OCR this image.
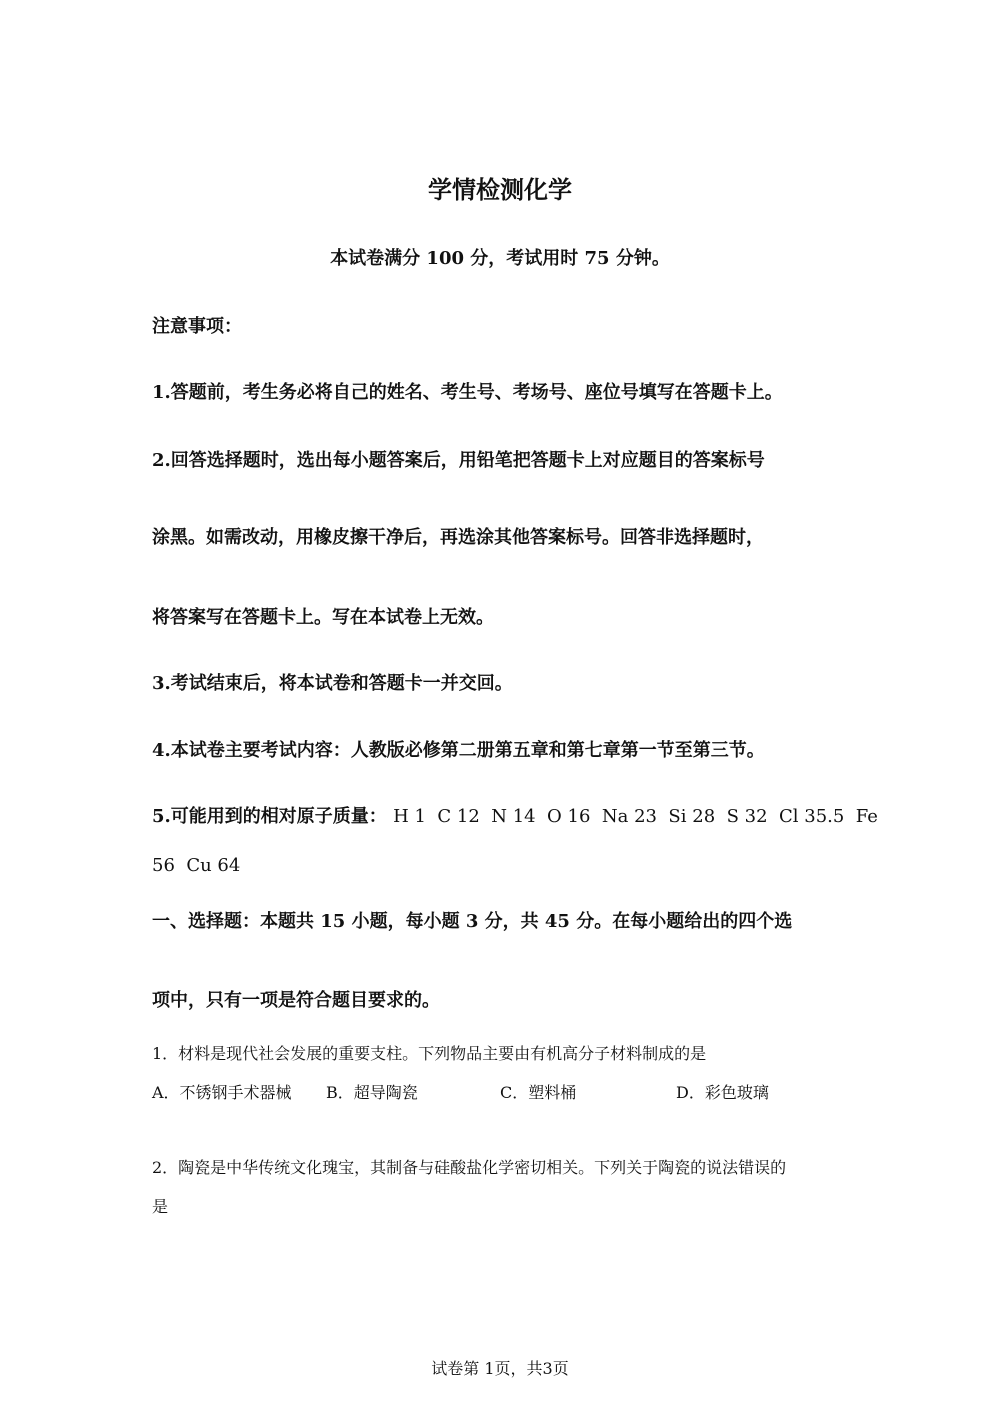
学情检测化学
本试卷满分 100 分，考试用时 75 分钟。
注意事项：
1.答题前，考生务必将自己的姓名、考生号、考场号、座位号填写在答题卡上。
2.回答选择题时，选出每小题答案后，用铅笔把答题卡上对应题目的答案标号
涂黑。如需改动，用橡皮擦干净后，再选涂其他答案标号。回答非选择题时，
将答案写在答题卡上。写在本试卷上无效。
3.考试结束后，将本试卷和答题卡一并交回。
4.本试卷主要考试内容：人教版必修第二册第五章和第七章第一节至第三节。
5.可能用到的相对原子质量： H 1  C 12  N 14  O 16  Na 23  Si 28  S 32  Cl 35.5  Fe
56  Cu 64
一、选择题：本题共 15 小题，每小题 3 分，共 45 分。在每小题给出的四个选
项中，只有一项是符合题目要求的。
1．材料是现代社会发展的重要支柱。下列物品主要由有机高分子材料制成的是
A．不锈钢手术器械 B．超导陶瓷	C．塑料桶	D．彩色玻璃
2．陶瓷是中华传统文化瑰宝，其制备与硅酸盐化学密切相关。下列关于陶瓷的说法错误的
是
试卷第 1页，共3页
